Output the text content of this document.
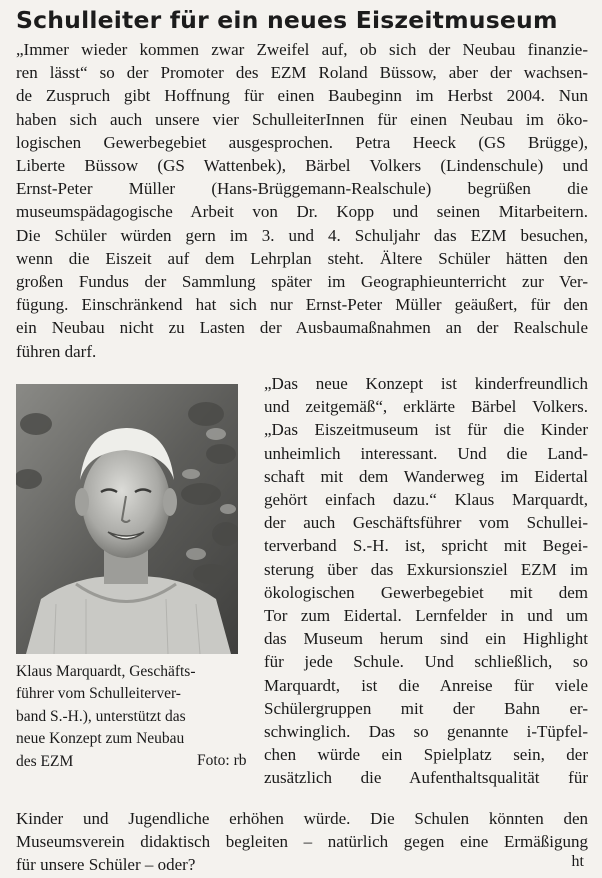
Schulleiter für ein neues Eiszeitmuseum
„Immer wieder kommen zwar Zweifel auf, ob sich der Neubau finanzie-
ren lässt“ so der Promoter des EZM Roland Büssow, aber der wachsen-
de Zuspruch gibt Hoffnung für einen Baubeginn im Herbst 2004. Nun
haben sich auch unsere vier SchulleiterInnen für einen Neubau im öko-
logischen Gewerbegebiet ausgesprochen. Petra Heeck (GS Brügge),
Liberte Büssow (GS Wattenbek), Bärbel Volkers (Lindenschule) und
Ernst-Peter Müller (Hans-Brüggemann-Realschule) begrüßen die
museumspädagogische Arbeit von Dr. Kopp und seinen Mitarbeitern.
Die Schüler würden gern im 3. und 4. Schuljahr das EZM besuchen,
wenn die Eiszeit auf dem Lehrplan steht. Ältere Schüler hätten den
großen Fundus der Sammlung später im Geographieunterricht zur Ver-
fügung. Einschränkend hat sich nur Ernst-Peter Müller geäußert, für den
ein Neubau nicht zu Lasten der Ausbaumaßnahmen an der Realschule
führen darf.
Klaus Marquardt, Geschäfts-
führer vom Schulleiterver-
band S.-H.), unterstützt das
neue Konzept zum Neubau
des EZM	Foto: rb
„Das neue Konzept ist kinderfreundlich
und zeitgemäß“, erklärte Bärbel Volkers.
„Das Eiszeitmuseum ist für die Kinder
unheimlich interessant. Und die Land-
schaft mit dem Wanderweg im Eidertal
gehört einfach dazu.“ Klaus Marquardt,
der auch Geschäftsführer vom Schullei-
terverband S.-H. ist, spricht mit Begei-
sterung über das Exkursionsziel EZM im
ökologischen Gewerbegebiet mit dem
Tor zum Eidertal. Lernfelder in und um
das Museum herum sind ein Highlight
für jede Schule. Und schließlich, so
Marquardt, ist die Anreise für viele
Schülergruppen mit der Bahn er-
schwinglich. Das so genannte i-Tüpfel-
chen würde ein Spielplatz sein, der
zusätzlich die Aufenthaltsqualität für
Kinder und Jugendliche erhöhen würde. Die Schulen könnten den
Museumsverein didaktisch begleiten – natürlich gegen eine Ermäßigung
für unsere Schüler – oder?	ht
